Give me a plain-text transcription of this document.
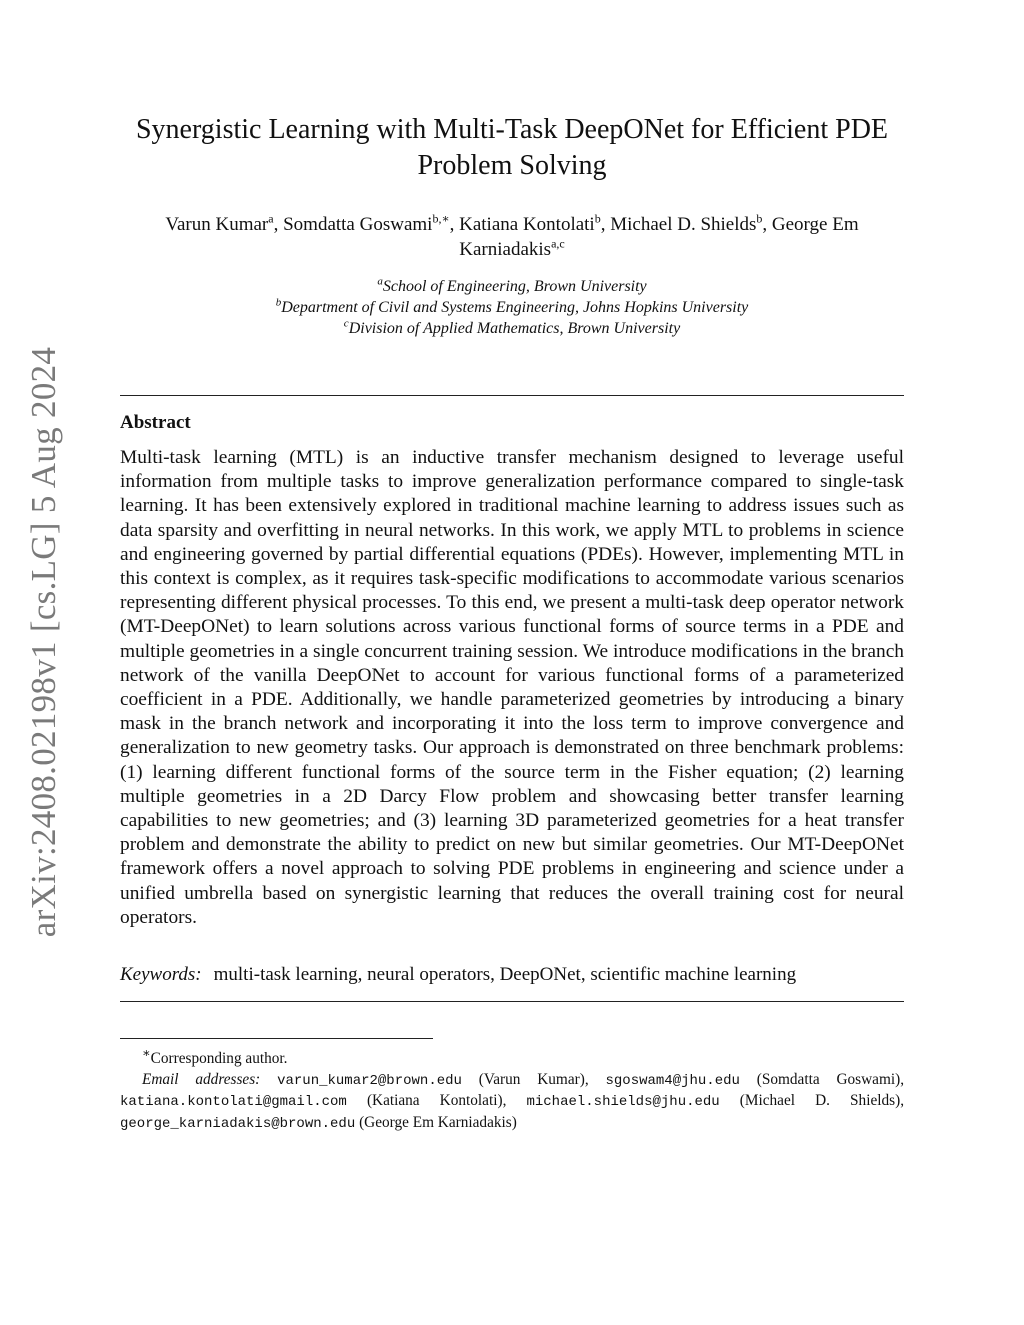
arXiv:2408.02198v1 [cs.LG] 5 Aug 2024
Synergistic Learning with Multi-Task DeepONet for Efficient PDE Problem Solving
Varun Kumar$^a$, Somdatta Goswami$^{b,∗}$, Katiana Kontolati$^b$, Michael D. Shields$^b$, George Em Karniadakis$^{a,c}$
$^a$School of Engineering, Brown University
$^b$Department of Civil and Systems Engineering, Johns Hopkins University
$^c$Division of Applied Mathematics, Brown University
Abstract

Multi-task learning (MTL) is an inductive transfer mechanism designed to leverage useful information from multiple tasks to improve generalization performance compared to single-task learning. It has been extensively explored in traditional machine learning to address issues such as data sparsity and overfitting in neural networks. In this work, we apply MTL to problems in science and engineering governed by partial differential equations (PDEs). However, implementing MTL in this context is complex, as it requires task-specific modifications to accommodate various scenarios representing different physical processes. To this end, we present a multi-task deep operator network (MT-DeepONet) to learn solutions across various functional forms of source terms in a PDE and multiple geometries in a single concurrent training session. We introduce modifications in the branch network of the vanilla DeepONet to account for various functional forms of a parameterized coefficient in a PDE. Additionally, we handle parameterized geometries by introducing a binary mask in the branch network and incorporating it into the loss term to improve convergence and generalization to new geometry tasks. Our approach is demonstrated on three benchmark problems: (1) learning different functional forms of the source term in the Fisher equation; (2) learning multiple geometries in a 2D Darcy Flow problem and showcasing better transfer learning capabilities to new geometries; and (3) learning 3D parameterized geometries for a heat transfer problem and demonstrate the ability to predict on new but similar geometries. Our MT-DeepONet framework offers a novel approach to solving PDE problems in engineering and science under a unified umbrella based on synergistic learning that reduces the overall training cost for neural operators.

Keywords: multi-task learning, neural operators, DeepONet, scientific machine learning
∗Corresponding author.
Email addresses: varun_kumar2@brown.edu (Varun Kumar), sgoswam4@jhu.edu (Somdatta Goswami), katiana.kontolati@gmail.com (Katiana Kontolati), michael.shields@jhu.edu (Michael D. Shields), george_karniadakis@brown.edu (George Em Karniadakis)
